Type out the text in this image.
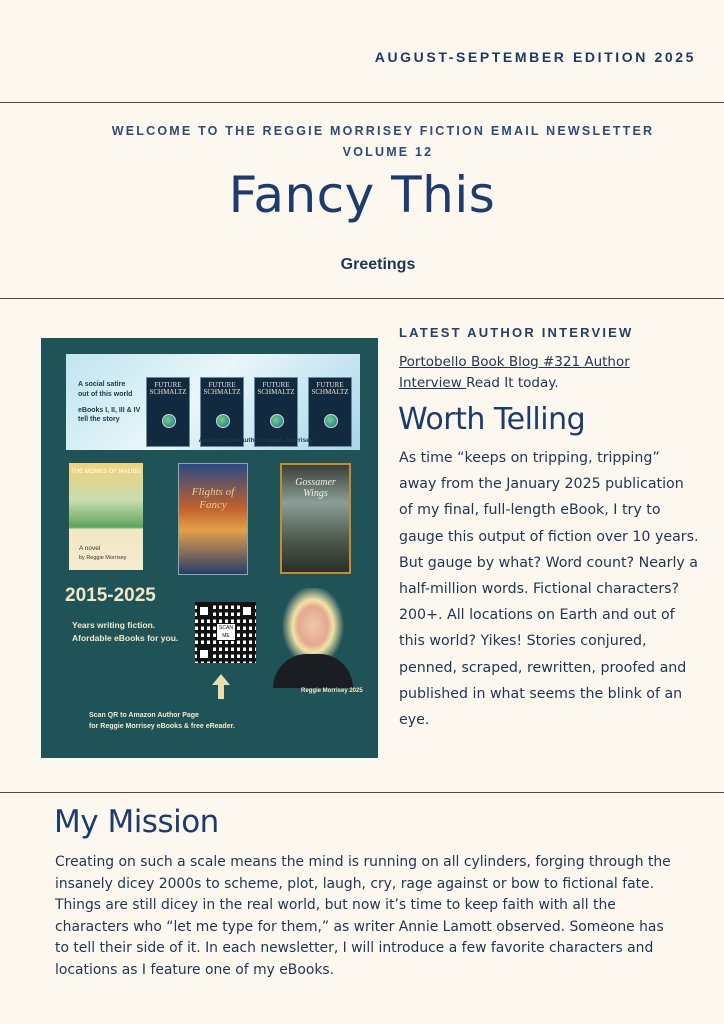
AUGUST-SEPTEMBER EDITION 2025
WELCOME TO THE REGGIE MORRISEY FICTION EMAIL NEWSLETTER
VOLUME 12
Fancy This
Greetings
A social satire
out of this world
eBooks I, II, III & IV
tell the story
FUTURE SCHMALTZ
FUTURE SCHMALTZ
FUTURE SCHMALTZ
FUTURE SCHMALTZ
Amazon.com/author/reggie_morrisey
THE MONKS OF MALIBU
A novel
by Reggie Morrisey
Flights of Fancy
Gossamer Wings
2015-2025
Years writing fiction.
Afordable eBooks for you.
SCAN ME
Reggie Morrisey 2025
Scan QR to Amazon Author Page
for Reggie Morrisey eBooks & free eReader.
LATEST AUTHOR INTERVIEW
Portobello Book Blog #321 Author Interview Read It today.
Worth Telling
As time “keeps on tripping, tripping” away from the January 2025 publication of my final, full-length eBook, I try to gauge this output of fiction over 10 years. But gauge by what? Word count? Nearly a half-million words. Fictional characters? 200+. All locations on Earth and out of this world? Yikes! Stories conjured, penned, scraped, rewritten, proofed and published in what seems the blink of an eye.
My Mission
Creating on such a scale means the mind is running on all cylinders, forging through the insanely dicey 2000s to scheme, plot, laugh, cry, rage against or bow to fictional fate. Things are still dicey in the real world, but now it’s time to keep faith with all the characters who “let me type for them,” as writer Annie Lamott observed. Someone has to tell their side of it. In each newsletter, I will introduce a few favorite characters and locations as I feature one of my eBooks.
